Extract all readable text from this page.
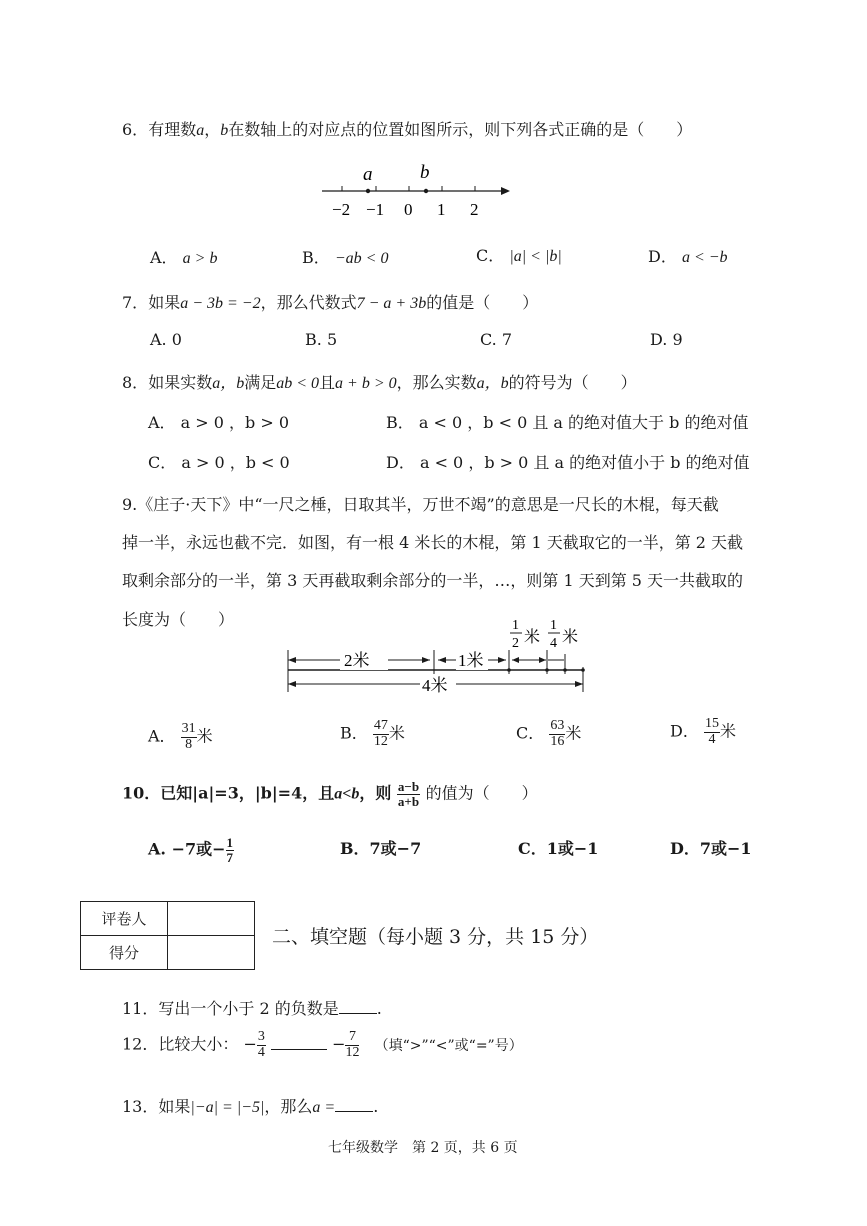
6．有理数a，b在数轴上的对应点的位置如图所示，则下列各式正确的是（　　）
a	b
−2 −1 0 1 2
A． a > b	B． −ab < 0	C． |a| < |b|	D． a < −b
7．如果a − 3b = −2，那么代数式7 − a + 3b的值是（　　）
A. 0	B. 5	C. 7	D. 9
8．如果实数a，b满足ab < 0且a + b > 0，那么实数a，b的符号为（　　）
A． a > 0 ，b > 0	B． a < 0 ，b < 0 且 a 的绝对值大于 b 的绝对值
C． a > 0 ，b < 0	D． a < 0 ，b > 0 且 a 的绝对值小于 b 的绝对值
9.《庄子·天下》中“一尺之棰，日取其半，万世不竭”的意思是一尺长的木棍，每天截
掉一半，永远也截不完．如图，有一根 4 米长的木棍，第 1 天截取它的一半，第 2 天截
取剩余部分的一半，第 3 天再截取剩余部分的一半，…，则第 1 天到第 5 天一共截取的
长度为（　　）
2米	1米
1
2 米
1
4 米
4米
A． $\frac{31}{8}$ 米	B． $\frac{47}{12}$ 米	C． $\frac{63}{16}$ 米	D． $\frac{15}{4}$ 米
10．已知|a|=3，|b|=4，且a<b，则 $\frac{a-b}{a+b}$ 的值为（　　）
A. −7或− $\frac{1}{7}$	B．7或−7	C．1或−1	D．7或−1
评卷人	
得分	
二、填空题（每小题 3 分，共 15 分）
11．写出一个小于 2 的负数是 .
12．比较大小： − $\frac{3}{4}$	− $\frac{7}{12}$ （填“>”“<”或“=”号）
13．如果|−a| = |−5|，那么a = .
七年级数学　第 2 页，共 6 页
